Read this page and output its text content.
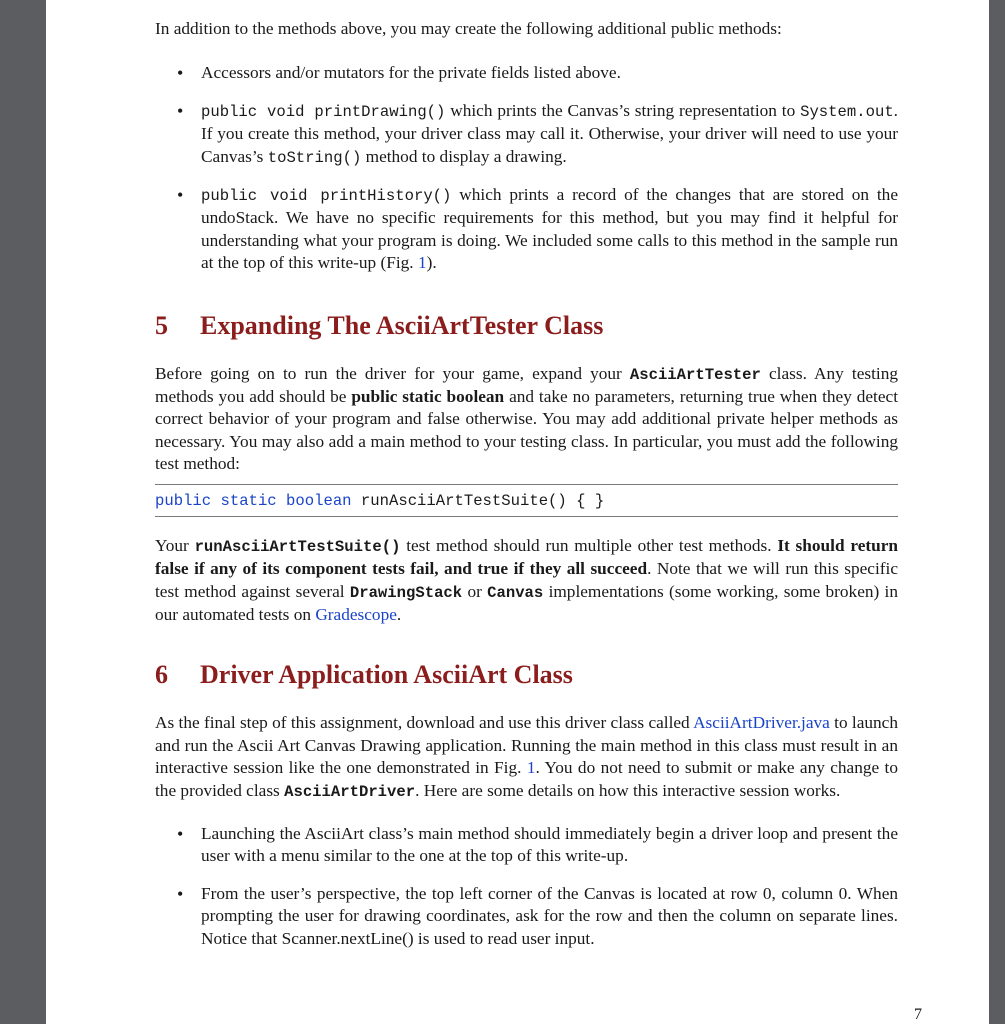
In addition to the methods above, you may create the following additional public methods:

• Accessors and/or mutators for the private fields listed above.
• public void printDrawing() which prints the Canvas’s string representation to System.out. If you create this method, your driver class may call it. Otherwise, your driver will need to use your Canvas’s toString() method to display a drawing.
• public void printHistory() which prints a record of the changes that are stored on the undoStack. We have no specific requirements for this method, but you may find it helpful for understanding what your program is doing. We included some calls to this method in the sample run at the top of this write-up (Fig. 1).
5 Expanding The AsciiArtTester Class

Before going on to run the driver for your game, expand your AsciiArtTester class. Any testing methods you add should be public static boolean and take no parameters, returning true when they detect correct behavior of your program and false otherwise. You may add additional private helper methods as necessary. You may also add a main method to your testing class. In particular, you must add the following test method:

public static boolean runAsciiArtTestSuite() { }

Your runAsciiArtTestSuite() test method should run multiple other test methods. It should return false if any of its component tests fail, and true if they all succeed. Note that we will run this specific test method against several DrawingStack or Canvas implementations (some working, some broken) in our automated tests on Gradescope.

6 Driver Application AsciiArt Class

As the final step of this assignment, download and use this driver class called AsciiArtDriver.java to launch and run the Ascii Art Canvas Drawing application. Running the main method in this class must result in an interactive session like the one demonstrated in Fig. 1. You do not need to submit or make any change to the provided class AsciiArtDriver. Here are some details on how this interactive session works.

• Launching the AsciiArt class’s main method should immediately begin a driver loop and present the user with a menu similar to the one at the top of this write-up.
• From the user’s perspective, the top left corner of the Canvas is located at row 0, column 0. When prompting the user for drawing coordinates, ask for the row and then the column on separate lines. Notice that Scanner.nextLine() is used to read user input.
7
